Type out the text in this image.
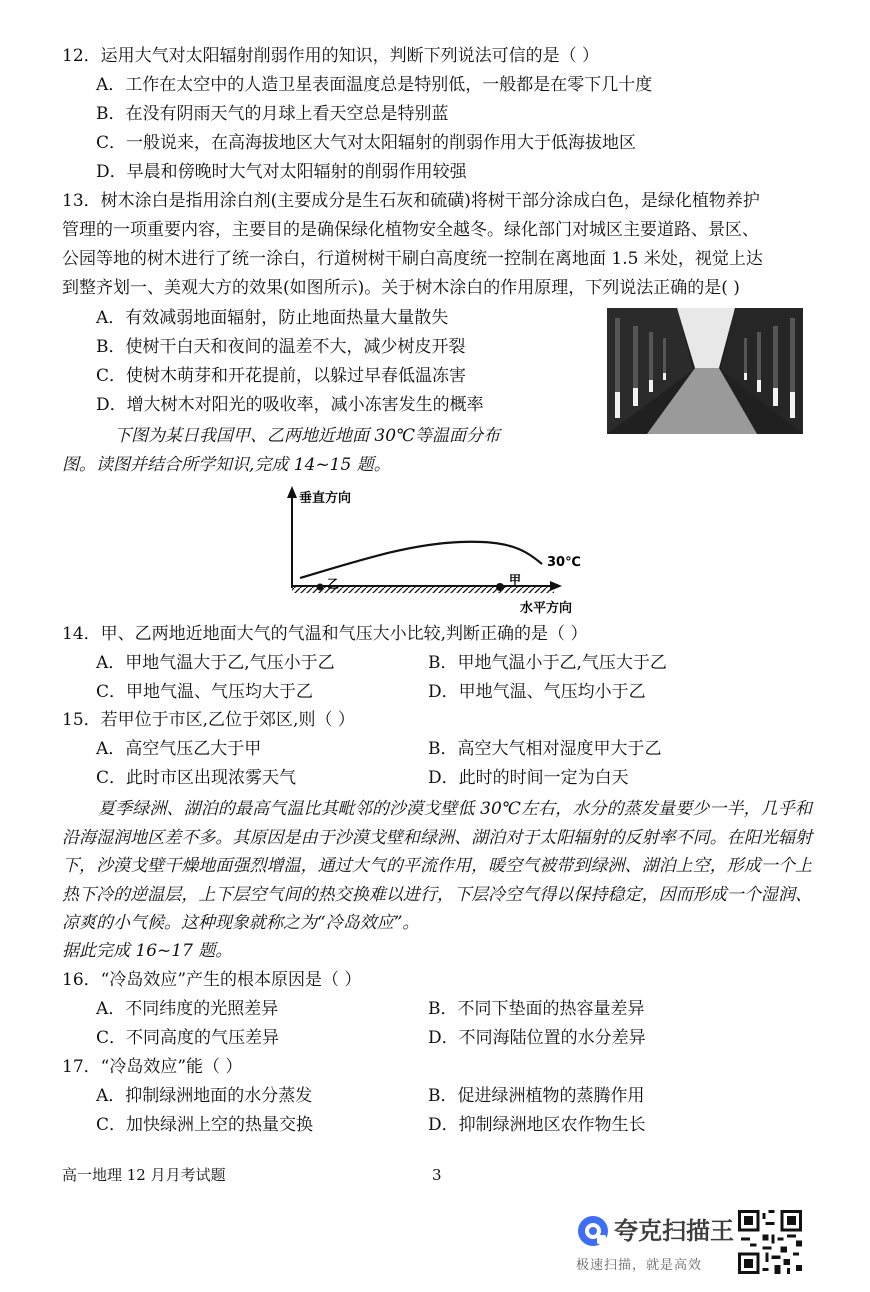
12．运用大气对太阳辐射削弱作用的知识，判断下列说法可信的是（ ）
A．工作在太空中的人造卫星表面温度总是特别低，一般都是在零下几十度
B．在没有阴雨天气的月球上看天空总是特别蓝
C．一般说来，在高海拔地区大气对太阳辐射的削弱作用大于低海拔地区
D．早晨和傍晚时大气对太阳辐射的削弱作用较强
13．树木涂白是指用涂白剂(主要成分是生石灰和硫磺)将树干部分涂成白色，是绿化植物养护
管理的一项重要内容，主要目的是确保绿化植物安全越冬。绿化部门对城区主要道路、景区、
公园等地的树木进行了统一涂白，行道树树干刷白高度统一控制在离地面 1.5 米处，视觉上达
到整齐划一、美观大方的效果(如图所示)。关于树木涂白的作用原理，下列说法正确的是( )
A．有效减弱地面辐射，防止地面热量大量散失
B．使树干白天和夜间的温差不大，减少树皮开裂
C．使树木萌芽和开花提前，以躲过早春低温冻害
D．增大树木对阳光的吸收率，减小冻害发生的概率
下图为某日我国甲、乙两地近地面 30℃等温面分布
图。读图并结合所学知识,完成 14~15 题。
垂直方向
水平方向
30℃
甲
乙
14．甲、乙两地近地面大气的气温和气压大小比较,判断正确的是（ ）
A．甲地气温大于乙,气压小于乙	B．甲地气温小于乙,气压大于乙
C．甲地气温、气压均大于乙	D．甲地气温、气压均小于乙
15．若甲位于市区,乙位于郊区,则（ ）
A．高空气压乙大于甲	B．高空大气相对湿度甲大于乙
C．此时市区出现浓雾天气	D．此时的时间一定为白天
夏季绿洲、湖泊的最高气温比其毗邻的沙漠戈壁低 30℃左右，水分的蒸发量要少一半，几乎和沿海湿润地区差不多。其原因是由于沙漠戈壁和绿洲、湖泊对于太阳辐射的反射率不同。在阳光辐射下，沙漠戈壁干燥地面强烈增温，通过大气的平流作用，暖空气被带到绿洲、湖泊上空，形成一个上热下冷的逆温层，上下层空气间的热交换难以进行，下层冷空气得以保持稳定，因而形成一个湿润、凉爽的小气候。这种现象就称之为“冷岛效应”。
据此完成 16~17 题。
16．“冷岛效应”产生的根本原因是（ ）
A．不同纬度的光照差异	B．不同下垫面的热容量差异
C．不同高度的气压差异	D．不同海陆位置的水分差异
17．“冷岛效应”能（ ）
A．抑制绿洲地面的水分蒸发	B．促进绿洲植物的蒸腾作用
C．加快绿洲上空的热量交换	D．抑制绿洲地区农作物生长
高一地理 12 月月考试题	3
夸克扫描王
极速扫描，就是高效
